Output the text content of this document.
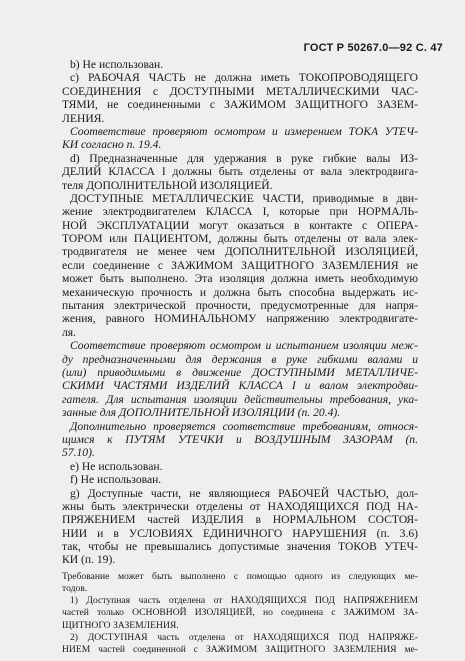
ГОСТ Р 50267.0—92 С. 47
b) Не использован.
с) РАБОЧАЯ ЧАСТЬ не должна иметь ТОКОПРОВОДЯЩЕГО
СОЕДИНЕНИЯ с ДОСТУПНЫМИ МЕТАЛЛИЧЕСКИМИ ЧАС-
ТЯМИ, не соединенными с ЗАЖИМОМ ЗАЩИТНОГО ЗАЗЕМ-
ЛЕНИЯ.
Соответствие проверяют осмотром и измерением ТОКА УТЕЧ-
КИ согласно п. 19.4.
d) Предназначенные для удержания в руке гибкие валы ИЗ-
ДЕЛИЙ КЛАССА I должны быть отделены от вала электродвига-
теля ДОПОЛНИТЕЛЬНОЙ ИЗОЛЯЦИЕЙ.
ДОСТУПНЫЕ МЕТАЛЛИЧЕСКИЕ ЧАСТИ, приводимые в дви-
жение электродвигателем КЛАССА I, которые при НОРМАЛЬ-
НОЙ ЭКСПЛУАТАЦИИ могут оказаться в контакте с ОПЕРА-
ТОРОМ или ПАЦИЕНТОМ, должны быть отделены от вала элек-
тродвигателя не менее чем ДОПОЛНИТЕЛЬНОЙ ИЗОЛЯЦИЕЙ,
если соединение с ЗАЖИМОМ ЗАЩИТНОГО ЗАЗЕМЛЕНИЯ не
может быть выполнено. Эта изоляция должна иметь необходимую
механическую прочность и должна быть способна выдержать ис-
пытания электрической прочности, предусмотренные для напря-
жения, равного НОМИНАЛЬНОМУ напряжению электродвигате-
ля.
Соответствие проверяют осмотром и испытанием изоляции меж-
ду предназначенными для держания в руке гибкими валами и
(или) приводимыми в движение ДОСТУПНЫМИ МЕТАЛЛИЧЕ-
СКИМИ ЧАСТЯМИ ИЗДЕЛИЙ КЛАССА I и валом электродви-
гателя. Для испытания изоляции действительны требования, ука-
занные для ДОПОЛНИТЕЛЬНОЙ ИЗОЛЯЦИИ (п. 20.4).
Дополнительно проверяется соответствие требованиям, относя-
щимся к ПУТЯМ УТЕЧКИ и ВОЗДУШНЫМ ЗАЗОРАМ (п.
57.10).
e) Не использован.
f) Не использован.
g) Доступные части, не являющиеся РАБОЧЕЙ ЧАСТЬЮ, дол-
жны быть электрически отделены от НАХОДЯЩИХСЯ ПОД НА-
ПРЯЖЕНИЕМ частей ИЗДЕЛИЯ в НОРМАЛЬНОМ СОСТОЯ-
НИИ и в УСЛОВИЯХ ЕДИНИЧНОГО НАРУШЕНИЯ (п. 3.6)
так, чтобы не превышались допустимые значения ТОКОВ УТЕЧ-
КИ (п. 19).
Требование может быть выполнено с помощью одного из следующих ме-
тодов.
1) Доступная часть отделена от НАХОДЯЩИХСЯ ПОД НАПРЯЖЕНИЕМ
частей только ОСНОВНОЙ ИЗОЛЯЦИЕЙ, но соединена с ЗАЖИМОМ ЗА-
ЩИТНОГО ЗАЗЕМЛЕНИЯ.
2) ДОСТУПНАЯ часть отделена от НАХОДЯЩИХСЯ ПОД НАПРЯЖЕ-
НИЕМ частей соединенной с ЗАЖИМОМ ЗАЩИТНОГО ЗАЗЕМЛЕНИЯ ме-
